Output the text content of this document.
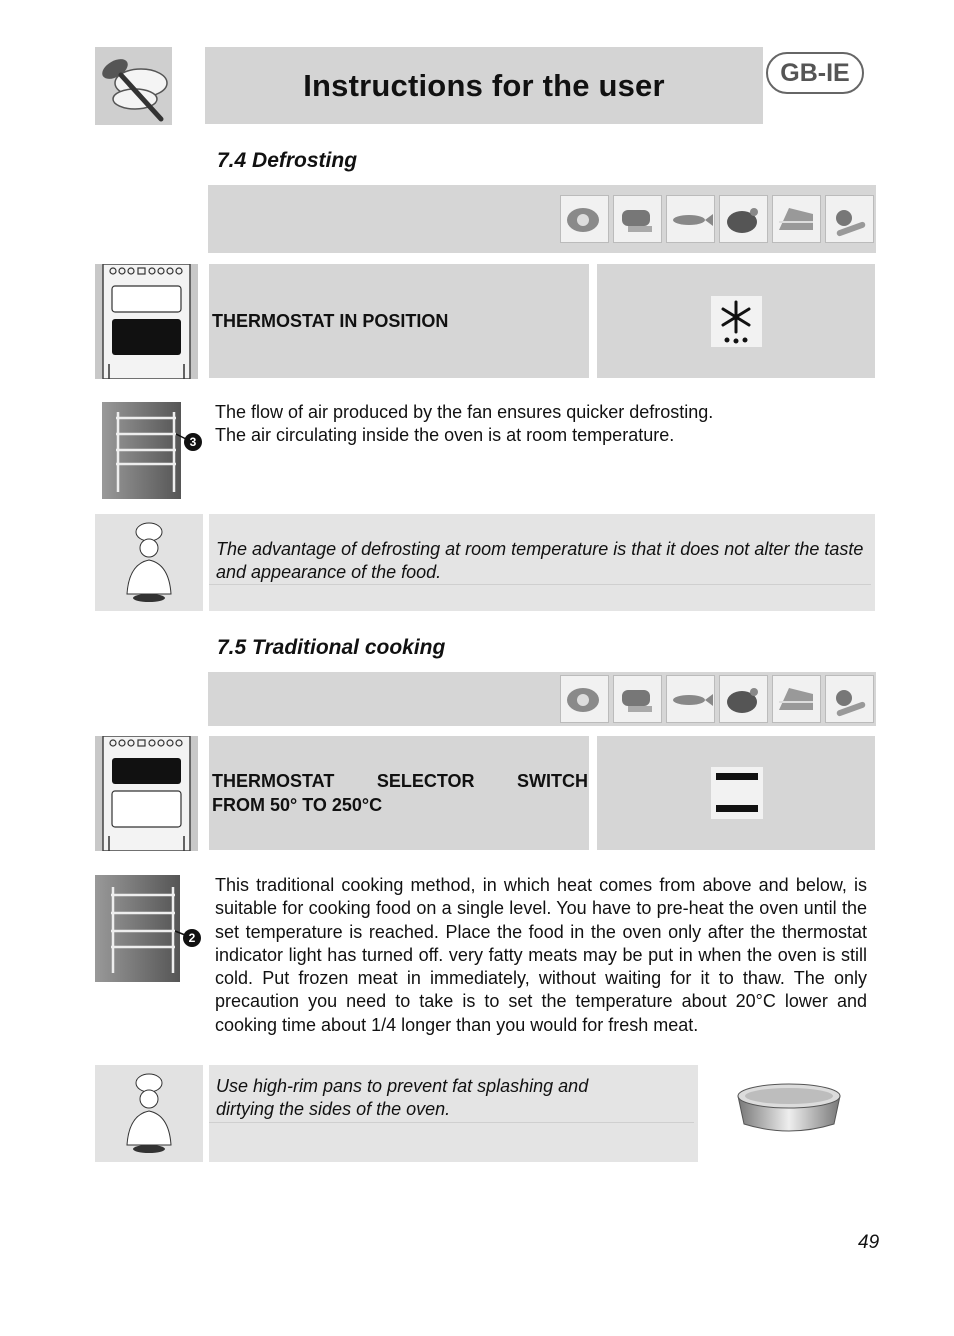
Instructions for the user	GB-IE
7.4 Defrosting
THERMOSTAT IN POSITION
3
The flow of air produced by the fan ensures quicker defrosting.
The air circulating inside the oven is at room temperature.
The advantage of defrosting at room temperature is that it does not alter the taste and appearance of the food.
7.5 Traditional cooking
THERMOSTAT SELECTOR SWITCH
FROM 50° TO 250°C
2
This traditional cooking method, in which heat comes from above and below, is suitable for cooking food on a single level. You have to pre-heat the oven until the set temperature is reached. Place the food in the oven only after the thermostat indicator light has turned off. very fatty meats may be put in when the oven is still cold. Put frozen meat in immediately, without waiting for it to thaw. The only precaution you need to take is to set the temperature about 20°C lower and cooking time about 1/4 longer than you would for fresh meat.
Use high-rim pans to prevent fat splashing and
dirtying the sides of the oven.
49
